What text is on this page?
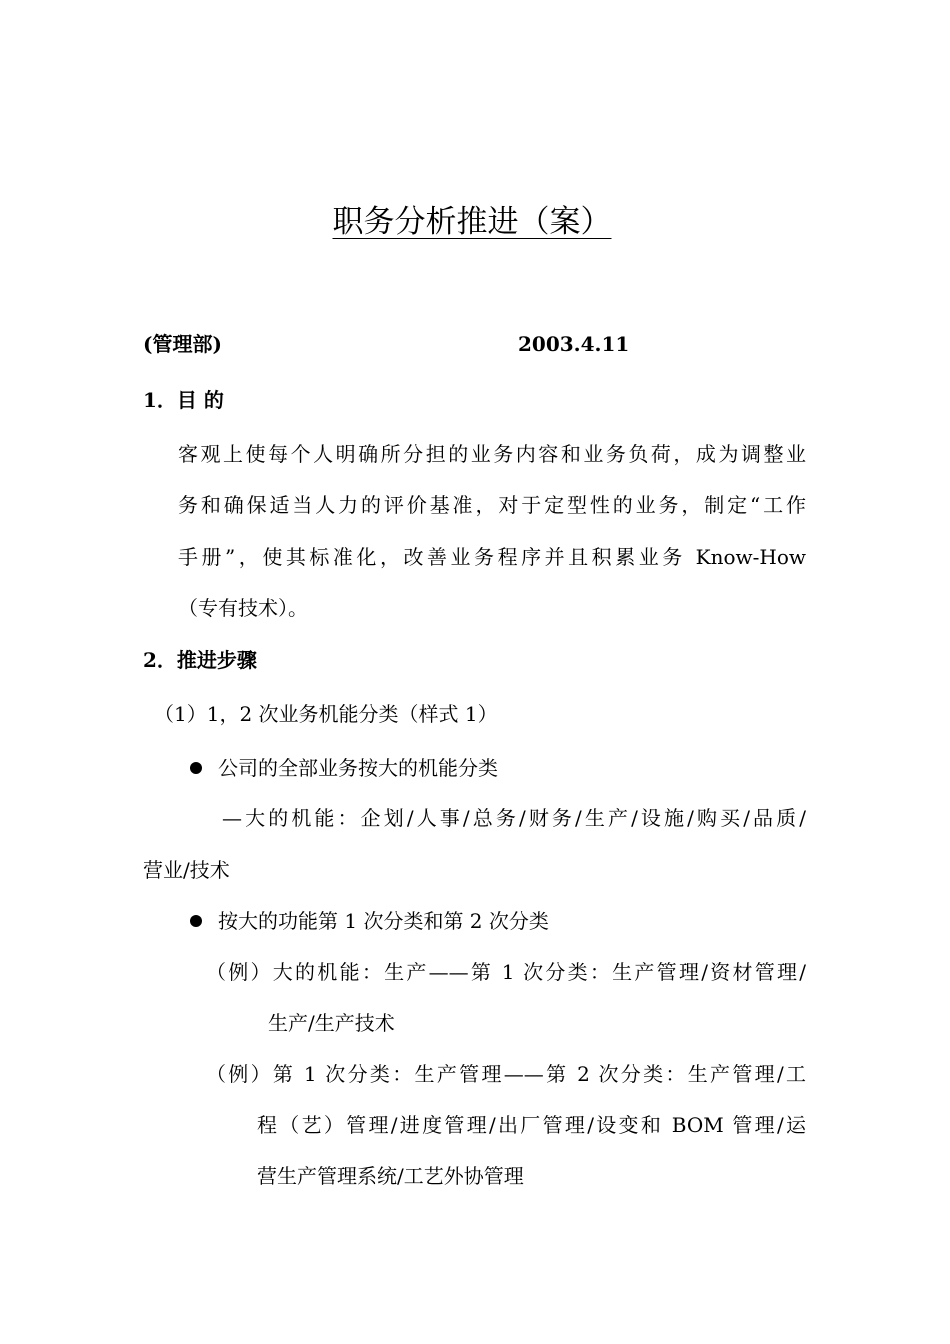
职务分析推进（案）
(管理部)	2003.4.11
1．目 的
客观上使每个人明确所分担的业务内容和业务负荷，成为调整业
务和确保适当人力的评价基准，对于定型性的业务，制定“工作
手册”，使其标准化，改善业务程序并且积累业务 Know-How
（专有技术）。
2．推进步骤
（1）1，2 次业务机能分类（样式 1）
公司的全部业务按大的机能分类
—大的机能：企划/人事/总务/财务/生产/设施/购买/品质/
营业/技术
按大的功能第 1 次分类和第 2 次分类
（例）大的机能：生产——第 1 次分类：生产管理/资材管理/
生产/生产技术
（例）第 1 次分类：生产管理——第 2 次分类：生产管理/工
程（艺）管理/进度管理/出厂管理/设变和 BOM 管理/运
营生产管理系统/工艺外协管理
